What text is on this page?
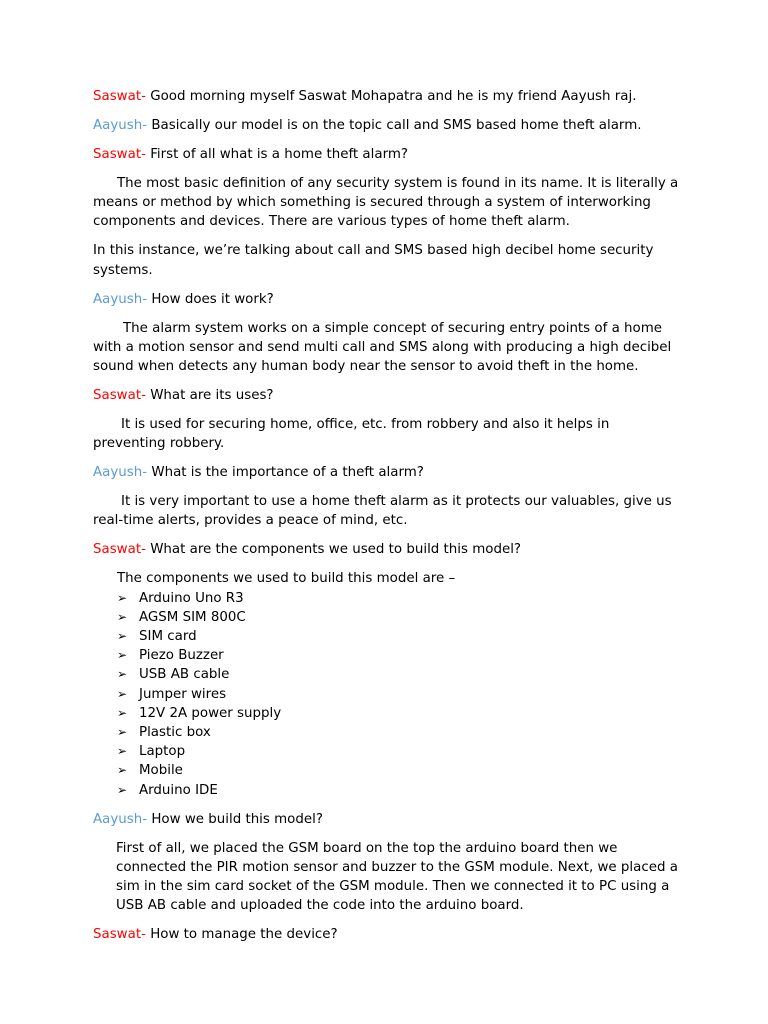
Saswat- Good morning myself Saswat Mohapatra and he is my friend Aayush raj.

Aayush- Basically our model is on the topic call and SMS based home theft alarm.

Saswat- First of all what is a home theft alarm?

The most basic definition of any security system is found in its name. It is literally a means or method by which something is secured through a system of interworking components and devices. There are various types of home theft alarm.

In this instance, we’re talking about call and SMS based high decibel home security systems.

Aayush- How does it work?

The alarm system works on a simple concept of securing entry points of a home with a motion sensor and send multi call and SMS along with producing a high decibel sound when detects any human body near the sensor to avoid theft in the home.

Saswat- What are its uses?

It is used for securing home, office, etc. from robbery and also it helps in preventing robbery.

Aayush- What is the importance of a theft alarm?

It is very important to use a home theft alarm as it protects our valuables, give us real-time alerts, provides a peace of mind, etc.

Saswat- What are the components we used to build this model?

The components we used to build this model are –

➢ Arduino Uno R3
➢ AGSM SIM 800C
➢ SIM card
➢ Piezo Buzzer
➢ USB AB cable
➢ Jumper wires
➢ 12V 2A power supply
➢ Plastic box
➢ Laptop
➢ Mobile
➢ Arduino IDE

Aayush- How we build this model?

First of all, we placed the GSM board on the top the arduino board then we connected the PIR motion sensor and buzzer to the GSM module. Next, we placed a sim in the sim card socket of the GSM module. Then we connected it to PC using a USB AB cable and uploaded the code into the arduino board.

Saswat- How to manage the device?
